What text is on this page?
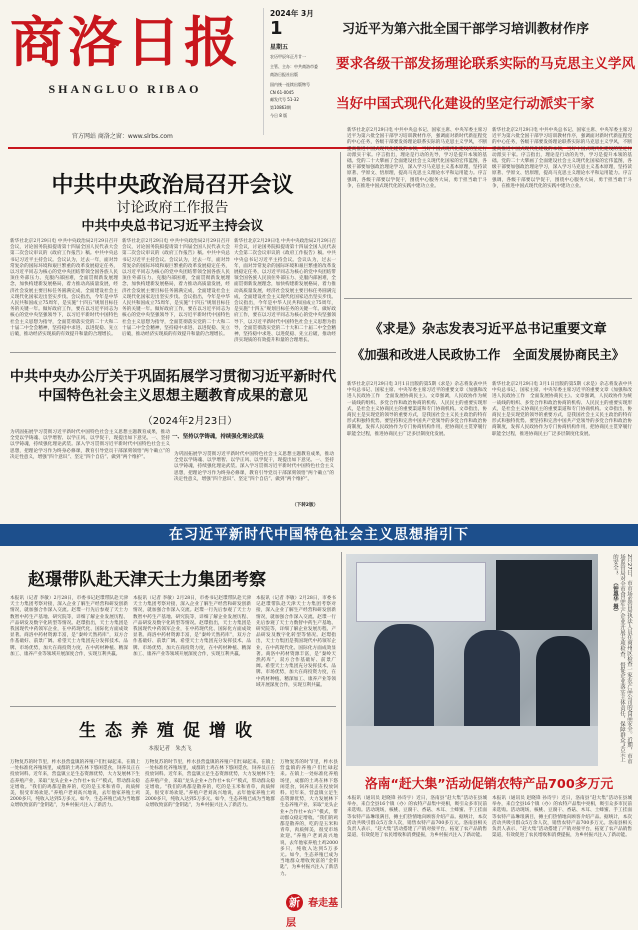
商洛日报
SHANGLUO RIBAO
官方网站 商洛之窗：www.slrbs.com
2024年 3月
1
星期五
农历甲辰年正月廿一
主管、主办：中共商洛市委
商洛日报社出版
国内统一连续出版物号
CN 61-0045
邮发代号 51-32
第10863期
今日 8 版
习近平为第六批全国干部学习培训教材作序
要求各级干部发扬理论联系实际的马克思主义学风
当好中国式现代化建设的坚定行动派实干家
新华社北京2月29日电 中共中央总书记、国家主席、中央军委主席习近平为第六批全国干部学习培训教材作序，强调面对新时代新征程党的中心任务，各级干部要发扬理论联系实际的马克思主义学风，不断提高推进中国式现代化建设的本领，当好中国式现代化建设的坚定行动派实干家。序言指出，理论是行动的先导，学习是提升本领的基础。党的二十大擘画了全面建设社会主义现代化国家的宏伟蓝图，各级干部要加强政治理论学习，深入学习马克思主义基本原理，坚持读原著、学原文、悟原理，提高马克思主义理论水平和运用能力。序言强调，各级干部要以学促干，围绕中心服务大局，勇于担当敢于斗争，在推进中国式现代化的实践中建功立业。
新华社北京2月29日电 中共中央总书记、国家主席、中央军委主席习近平为第六批全国干部学习培训教材作序，强调面对新时代新征程党的中心任务，各级干部要发扬理论联系实际的马克思主义学风，不断提高推进中国式现代化建设的本领，当好中国式现代化建设的坚定行动派实干家。序言指出，理论是行动的先导，学习是提升本领的基础。党的二十大擘画了全面建设社会主义现代化国家的宏伟蓝图，各级干部要加强政治理论学习，深入学习马克思主义基本原理，坚持读原著、学原文、悟原理，提高马克思主义理论水平和运用能力。序言强调，各级干部要以学促干，围绕中心服务大局，勇于担当敢于斗争，在推进中国式现代化的实践中建功立业。
中共中央政治局召开会议
讨论政府工作报告
中共中央总书记习近平主持会议
新华社北京2月29日电 中共中央政治局2月29日召开会议，讨论国务院拟提请第十四届全国人民代表大会第二次会议审议的《政府工作报告》稿。中共中央总书记习近平主持会议。会议认为，过去一年，面对异常复杂的国际环境和艰巨繁重的改革发展稳定任务，以习近平同志为核心的党中央团结带领全国各族人民顶住外部压力、克服内部困难，全面贯彻新发展理念，加快构建新发展格局，着力推动高质量发展，经济社会发展主要目标任务圆满完成，全面建设社会主义现代化国家迈出坚实步伐。会议指出，今年是中华人民共和国成立75周年，是实施“十四五”规划目标任务的关键一年。做好政府工作，要在以习近平同志为核心的党中央坚强领导下，以习近平新时代中国特色社会主义思想为指导，全面贯彻落实党的二十大和二十届二中全会精神，坚持稳中求进、以进促稳、先立后破，推动经济实现质的有效提升和量的合理增长。
新华社北京2月29日电 中共中央政治局2月29日召开会议，讨论国务院拟提请第十四届全国人民代表大会第二次会议审议的《政府工作报告》稿。中共中央总书记习近平主持会议。会议认为，过去一年，面对异常复杂的国际环境和艰巨繁重的改革发展稳定任务，以习近平同志为核心的党中央团结带领全国各族人民顶住外部压力、克服内部困难，全面贯彻新发展理念，加快构建新发展格局，着力推动高质量发展，经济社会发展主要目标任务圆满完成，全面建设社会主义现代化国家迈出坚实步伐。会议指出，今年是中华人民共和国成立75周年，是实施“十四五”规划目标任务的关键一年。做好政府工作，要在以习近平同志为核心的党中央坚强领导下，以习近平新时代中国特色社会主义思想为指导，全面贯彻落实党的二十大和二十届二中全会精神，坚持稳中求进、以进促稳、先立后破，推动经济实现质的有效提升和量的合理增长。
新华社北京2月29日电 中共中央政治局2月29日召开会议，讨论国务院拟提请第十四届全国人民代表大会第二次会议审议的《政府工作报告》稿。中共中央总书记习近平主持会议。会议认为，过去一年，面对异常复杂的国际环境和艰巨繁重的改革发展稳定任务，以习近平同志为核心的党中央团结带领全国各族人民顶住外部压力、克服内部困难，全面贯彻新发展理念，加快构建新发展格局，着力推动高质量发展，经济社会发展主要目标任务圆满完成，全面建设社会主义现代化国家迈出坚实步伐。会议指出，今年是中华人民共和国成立75周年，是实施“十四五”规划目标任务的关键一年。做好政府工作，要在以习近平同志为核心的党中央坚强领导下，以习近平新时代中国特色社会主义思想为指导，全面贯彻落实党的二十大和二十届二中全会精神，坚持稳中求进、以进促稳、先立后破，推动经济实现质的有效提升和量的合理增长。
中共中央办公厅关于巩固拓展学习贯彻习近平新时代
中国特色社会主义思想主题教育成果的意见
（2024年2月23日）
为巩固拓展学习贯彻习近平新时代中国特色社会主义思想主题教育成果，推动全党以学铸魂、以学增智、以学正风、以学促干，现提出如下意见。一、坚持以学铸魂，持续强化理论武装。深入学习贯彻习近平新时代中国特色社会主义思想，把理论学习作为终身必修课，教育引导党员干部深刻领悟“两个确立”的决定性意义，增强“四个意识”、坚定“四个自信”、做到“两个维护”。
一、坚持以学铸魂，持续强化理论武装
为巩固拓展学习贯彻习近平新时代中国特色社会主义思想主题教育成果，推动全党以学铸魂、以学增智、以学正风、以学促干，现提出如下意见。一、坚持以学铸魂，持续强化理论武装。深入学习贯彻习近平新时代中国特色社会主义思想，把理论学习作为终身必修课，教育引导党员干部深刻领悟“两个确立”的决定性意义，增强“四个意识”、坚定“四个自信”、做到“两个维护”。
（下转2版）
《求是》杂志发表习近平总书记重要文章
《加强和改进人民政协工作　全面发展协商民主》
新华社北京2月29日电 3月1日出版的第5期《求是》杂志将发表中共中央总书记、国家主席、中央军委主席习近平的重要文章《加强和改进人民政协工作　全面发展协商民主》。文章强调，人民政协作为统一战线的组织、多党合作和政治协商的机构、人民民主的重要实现形式，是社会主义协商民主的重要渠道和专门协商机构。文章指出，协商民主是实现党的领导的重要方式，是我国社会主义民主政治的特有形式和独特优势。要坚持和完善中国共产党领导的多党合作和政治协商制度，发挥人民政协作为专门协商机构作用，把协商民主贯穿履行职能全过程，推进协商民主广泛多层制度化发展。
新华社北京2月29日电 3月1日出版的第5期《求是》杂志将发表中共中央总书记、国家主席、中央军委主席习近平的重要文章《加强和改进人民政协工作　全面发展协商民主》。文章强调，人民政协作为统一战线的组织、多党合作和政治协商的机构、人民民主的重要实现形式，是社会主义协商民主的重要渠道和专门协商机构。文章指出，协商民主是实现党的领导的重要方式，是我国社会主义民主政治的特有形式和独特优势。要坚持和完善中国共产党领导的多党合作和政治协商制度，发挥人民政协作为专门协商机构作用，把协商民主贯穿履行职能全过程，推进协商民主广泛多层制度化发展。
在习近平新时代中国特色社会主义思想指引下
赵璟带队赴天津天士力集团考察
本报讯（记者 李敏）2月28日，市委书记赵璟带队赴天津天士力集团考察对接，深入企业了解生产经营和研发创新情况，就加强合作深入交流。赵璟一行先后参观了天士力数智中药生产基地、研究院等，详细了解企业发展历程、产品研发及数字化转型等情况。赵璟指出，天士力集团是我国现代中药领军企业，在中药现代化、国际化方面成效显著。商洛中药材资源丰富，是“秦岭天然药库”，双方合作基础好、前景广阔。希望天士力集团充分发挥技术、品牌、市场优势，加大在商投资力度，在中药材种植、精深加工、康养产业等领域开展深度合作，实现互利共赢。
本报讯（记者 李敏）2月28日，市委书记赵璟带队赴天津天士力集团考察对接，深入企业了解生产经营和研发创新情况，就加强合作深入交流。赵璟一行先后参观了天士力数智中药生产基地、研究院等，详细了解企业发展历程、产品研发及数字化转型等情况。赵璟指出，天士力集团是我国现代中药领军企业，在中药现代化、国际化方面成效显著。商洛中药材资源丰富，是“秦岭天然药库”，双方合作基础好、前景广阔。希望天士力集团充分发挥技术、品牌、市场优势，加大在商投资力度，在中药材种植、精深加工、康养产业等领域开展深度合作，实现互利共赢。
本报讯（记者 李敏）2月28日，市委书记赵璟带队赴天津天士力集团考察对接，深入企业了解生产经营和研发创新情况，就加强合作深入交流。赵璟一行先后参观了天士力数智中药生产基地、研究院等，详细了解企业发展历程、产品研发及数字化转型等情况。赵璟指出，天士力集团是我国现代中药领军企业，在中药现代化、国际化方面成效显著。商洛中药材资源丰富，是“秦岭天然药库”，双方合作基础好、前景广阔。希望天士力集团充分发挥技术、品牌、市场优势，加大在商投资力度，在中药材种植、精深加工、康养产业等领域开展深度合作，实现互利共赢。
生态养殖促增收
本报记者　朱杰飞
万物复苏的时节里，柞水县营盘镇的养殖户们忙碌起来。在镇上一处标准化养殖场里，成群的土鸡在林下悠闲觅食，饲养员正在投放饲料。近年来，营盘镇立足生态资源优势，大力发展林下生态养殖产业，采取“龙头企业+合作社+农户”模式，带动群众稳定增收。“我们的鸡都是散养的，吃的是玉米和青草，肉质鲜美，很受市场欢迎。”养殖户老刘高兴地说，去年他家养殖土鸡2000多只，纯收入达到5万多元。如今，生态养殖已成为当地群众增收致富的“金钥匙”，为乡村振兴注入了新活力。
万物复苏的时节里，柞水县营盘镇的养殖户们忙碌起来。在镇上一处标准化养殖场里，成群的土鸡在林下悠闲觅食，饲养员正在投放饲料。近年来，营盘镇立足生态资源优势，大力发展林下生态养殖产业，采取“龙头企业+合作社+农户”模式，带动群众稳定增收。“我们的鸡都是散养的，吃的是玉米和青草，肉质鲜美，很受市场欢迎。”养殖户老刘高兴地说，去年他家养殖土鸡2000多只，纯收入达到5万多元。如今，生态养殖已成为当地群众增收致富的“金钥匙”，为乡村振兴注入了新活力。
万物复苏的时节里，柞水县营盘镇的养殖户们忙碌起来。在镇上一处标准化养殖场里，成群的土鸡在林下悠闲觅食，饲养员正在投放饲料。近年来，营盘镇立足生态资源优势，大力发展林下生态养殖产业，采取“龙头企业+合作社+农户”模式，带动群众稳定增收。“我们的鸡都是散养的，吃的是玉米和青草，肉质鲜美，很受市场欢迎。”养殖户老刘高兴地说，去年他家养殖土鸡2000多只，纯收入达到5万多元。如今，生态养殖已成为当地群众增收致富的“金钥匙”，为乡村振兴注入了新活力。
新 春走基层
2月27日，市市场监管局执法人员在商州区检查一家农产品公司的食品安全。近期，市市场监管局对全市食品生产企业开展专项检查，督促企业落实主体责任，保障群众“舌尖上的安全”。 （钟惠华 摄）
洛南“赶大集”活动促销农特产品700多万元
本报讯（通讯员 赵晓锋 孙诗宇）近日，洛南县“赶大集”活动在县城举办，来自全县16个镇（办）的农特产品集中亮相，吸引众多市民前来选购。活动现场，核桃、豆腐干、香菇、木耳、土蜂蜜、手工挂面等农特产品琳琅满目，摊主们热情地向顾客介绍产品。据统计，本次活动共吸引群众5万余人次，销售农特产品700多万元。洛南县相关负责人表示，“赶大集”活动搭建了产销对接平台，拓宽了农产品销售渠道，有效促进了农民增收和消费提振，为乡村振兴注入了新动能。
本报讯（通讯员 赵晓锋 孙诗宇）近日，洛南县“赶大集”活动在县城举办，来自全县16个镇（办）的农特产品集中亮相，吸引众多市民前来选购。活动现场，核桃、豆腐干、香菇、木耳、土蜂蜜、手工挂面等农特产品琳琅满目，摊主们热情地向顾客介绍产品。据统计，本次活动共吸引群众5万余人次，销售农特产品700多万元。洛南县相关负责人表示，“赶大集”活动搭建了产销对接平台，拓宽了农产品销售渠道，有效促进了农民增收和消费提振，为乡村振兴注入了新动能。
